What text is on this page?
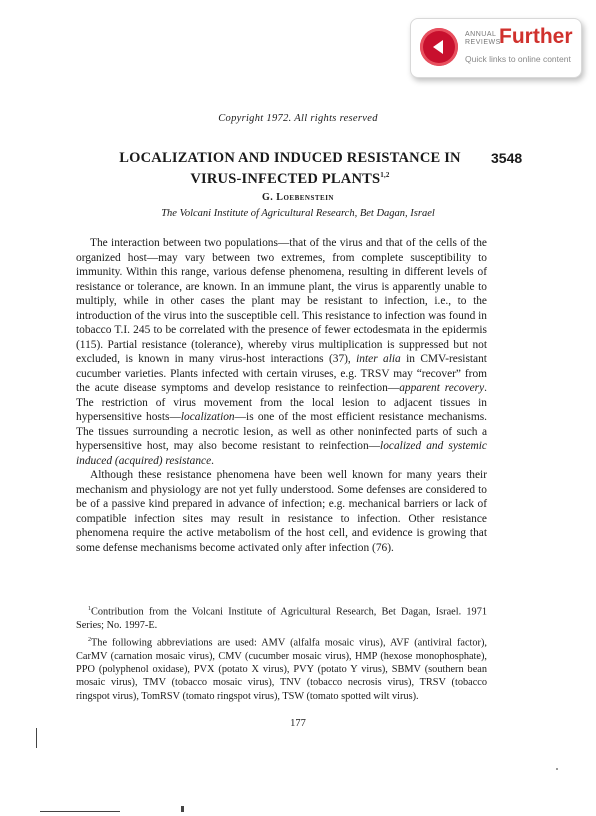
ANNUAL
REVIEWS
Further
Quick links to online content
Copyright 1972. All rights reserved
3548
LOCALIZATION AND INDUCED RESISTANCE IN
VIRUS-INFECTED PLANTS$^{1,2}$
G. Loebenstein
The Volcani Institute of Agricultural Research, Bet Dagan, Israel

The interaction between two populations—that of the virus and that of the cells of the organized host—may vary between two extremes, from complete susceptibility to immunity. Within this range, various defense phenomena, resulting in different levels of resistance or tolerance, are known. In an immune plant, the virus is apparently unable to multiply, while in other cases the plant may be resistant to infection, i.e., to the introduction of the virus into the susceptible cell. This resistance to infection was found in tobacco T.I. 245 to be correlated with the presence of fewer ectodesmata in the epidermis (115). Partial resistance (tolerance), whereby virus multiplication is suppressed but not excluded, is known in many virus-host interactions (37), inter alia in CMV-resistant cucumber varieties. Plants infected with certain viruses, e.g. TRSV may “recover” from the acute disease symptoms and develop resistance to reinfection—apparent recovery. The restriction of virus movement from the local lesion to adjacent tissues in hypersensitive hosts—localization—is one of the most efficient resistance mechanisms. The tissues surrounding a necrotic lesion, as well as other noninfected parts of such a hypersensitive host, may also become resistant to reinfection—localized and systemic induced (acquired) resistance.

Although these resistance phenomena have been well known for many years their mechanism and physiology are not yet fully understood. Some defenses are considered to be of a passive kind prepared in advance of infection; e.g. mechanical barriers or lack of compatible infection sites may result in resistance to infection. Other resistance phenomena require the active metabolism of the host cell, and evidence is growing that some defense mechanisms become activated only after infection (76).

$^1$Contribution from the Volcani Institute of Agricultural Research, Bet Dagan, Israel. 1971 Series; No. 1997-E.

$^2$The following abbreviations are used: AMV (alfalfa mosaic virus), AVF (antiviral factor), CarMV (carnation mosaic virus), CMV (cucumber mosaic virus), HMP (hexose monophosphate), PPO (polyphenol oxidase), PVX (potato X virus), PVY (potato Y virus), SBMV (southern bean mosaic virus), TMV (tobacco mosaic virus), TNV (tobacco necrosis virus), TRSV (tobacco ringspot virus), TomRSV (tomato ringspot virus), TSW (tomato spotted wilt virus).

177
